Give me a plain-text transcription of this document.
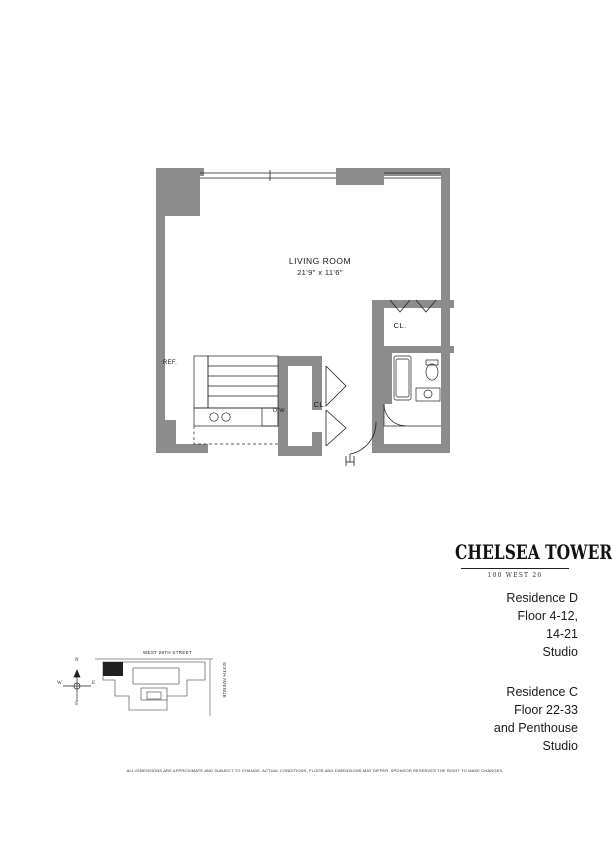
LIVING ROOM
21'9" x 11'6"
CL.
CL.
REF.
D/W
CHELSEA TOWER
100 WEST 26
Residence D
Floor 4-12,
14-21
Studio
Residence C
Floor 22-33
and Penthouse
Studio
WEST 26TH STREET
SIXTH AVENUE
N
S
E
W
ALL DIMENSIONS ARE APPROXIMATE AND SUBJECT TO CHANGE. ACTUAL CONDITIONS, FLOOR AND DIMENSIONS MAY DIFFER. SPONSOR RESERVES THE RIGHT TO MAKE CHANGES.
